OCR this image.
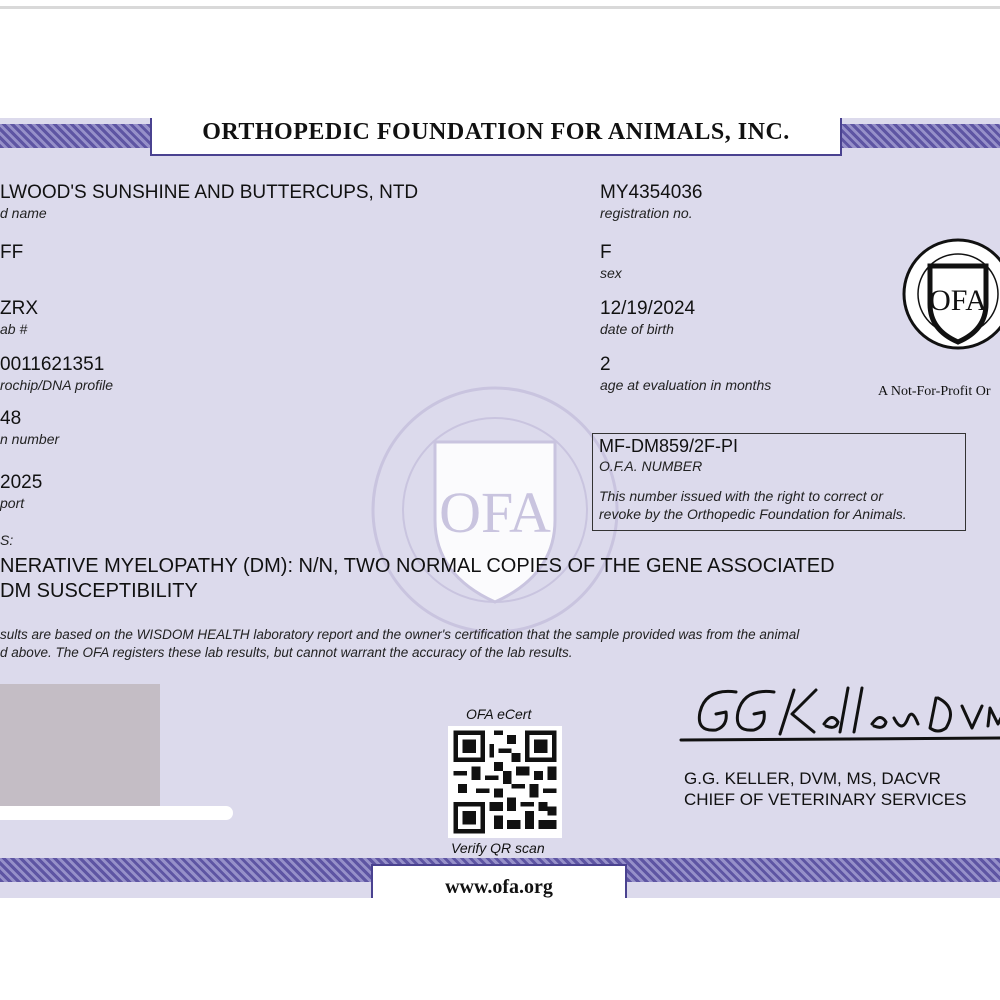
OFA
ORTHOPEDIC FOUNDATION FOR ANIMALS, INC.
LWOOD'S SUNSHINE AND BUTTERCUPS, NTD
d name
FF
ZRX
ab #
0011621351
rochip/DNA profile
48
n number
2025
port
MY4354036
registration no.
F
sex
12/19/2024
date of birth
2
age at evaluation in months
OFA
A Not-For-Profit Or
MF-DM859/2F-PI
O.F.A. NUMBER
This number issued with the right to correct or
revoke by the Orthopedic Foundation for Animals.
S:
NERATIVE MYELOPATHY (DM): N/N, TWO NORMAL COPIES OF THE GENE ASSOCIATED
DM SUSCEPTIBILITY
sults are based on the WISDOM HEALTH laboratory report and the owner's certification that the sample provided was from the animal
d above. The OFA registers these lab results, but cannot warrant the accuracy of the lab results.
OFA eCert
Verify QR scan
G.G. KELLER, DVM, MS, DACVR
CHIEF OF VETERINARY SERVICES
www.ofa.org
